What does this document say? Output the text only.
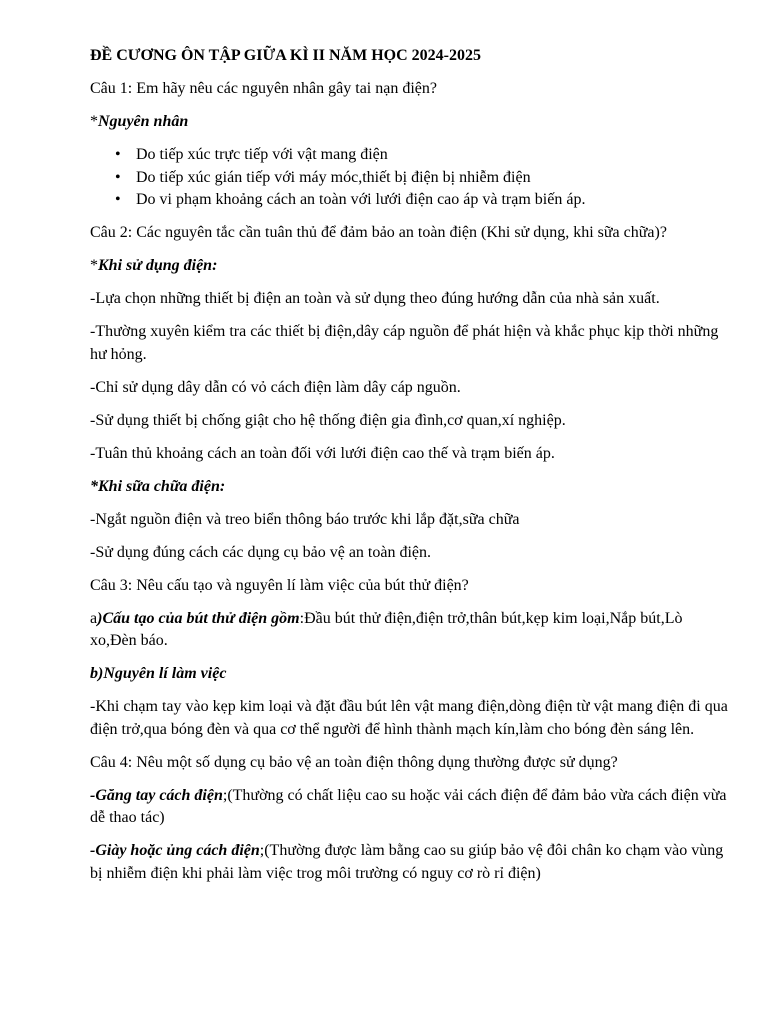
ĐỀ CƯƠNG ÔN TẬP GIỮA KÌ II NĂM HỌC 2024-2025

Câu 1: Em hãy nêu các nguyên nhân gây tai nạn điện?

*Nguyên nhân

• Do tiếp xúc trực tiếp với vật mang điện
• Do tiếp xúc gián tiếp với máy móc,thiết bị điện bị nhiễm điện
• Do vi phạm khoảng cách an toàn với lưới điện cao áp và trạm biến áp.

Câu 2: Các nguyên tắc cần tuân thủ để đảm bảo an toàn điện (Khi sử dụng, khi sữa chữa)?

*Khi sử dụng điện:

-Lựa chọn những thiết bị điện an toàn và sử dụng theo đúng hướng dẫn của nhà sản xuất.

-Thường xuyên kiểm tra các thiết bị điện,dây cáp nguồn để phát hiện và khắc phục kịp thời những hư hỏng.

-Chỉ sử dụng dây dẫn có vỏ cách điện làm dây cáp nguồn.

-Sử dụng thiết bị chống giật cho hệ thống điện gia đình,cơ quan,xí nghiệp.

-Tuân thủ khoảng cách an toàn đối với lưới điện cao thế và trạm biến áp.

*Khi sữa chữa điện:

-Ngắt nguồn điện và treo biển thông báo trước khi lắp đặt,sữa chữa

-Sử dụng đúng cách các dụng cụ bảo vệ an toàn điện.

Câu 3: Nêu cấu tạo và nguyên lí làm việc của bút thử điện?

a)Cấu tạo của bút thử điện gồm:Đầu bút thử điện,điện trở,thân bút,kẹp kim loại,Nắp bút,Lò xo,Đèn báo.

b)Nguyên lí làm việc

-Khi chạm tay vào kẹp kim loại và đặt đầu bút lên vật mang điện,dòng điện từ vật mang điện đi qua điện trở,qua bóng đèn và qua cơ thể người để hình thành mạch kín,làm cho bóng đèn sáng lên.

Câu 4: Nêu một số dụng cụ bảo vệ an toàn điện thông dụng thường được sử dụng?

-Găng tay cách điện;(Thường có chất liệu cao su hoặc vải cách điện để đảm bảo vừa cách điện vừa dễ thao tác)

-Giày hoặc ủng cách điện;(Thường được làm bằng cao su giúp bảo vệ đôi chân ko chạm vào vùng bị nhiễm điện khi phải làm việc trog môi trường có nguy cơ rò rỉ điện)
